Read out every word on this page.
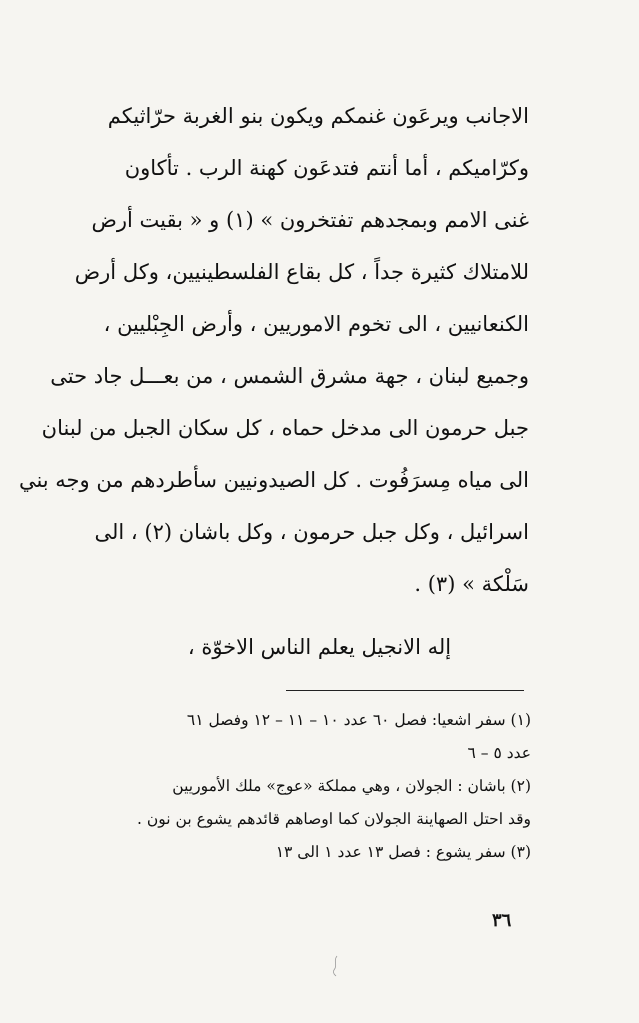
الاجانب ويرعَون غنمكم ويكون بنو الغربة حرّاثيكم
وكرّاميكم ، أما أنتم فتدعَون كهنة الرب . تأكاون
غنى الامم وبمجدهم تفتخرون » (١) و « بقيت أرض
للامتلاك كثيرة جداً ، كل بقاع الفلسطينيين، وكل أرض
الكنعانيين ، الى تخوم الاموريين ، وأرض الجِبْليين ،
وجميع لبنان ، جهة مشرق الشمس ، من بعـــل جاد حتى
جبل حرمون الى مدخل حماه ، كل سكان الجبل من لبنان
الى مياه مِسرَفُوت . كل الصيدونيين سأطردهم من وجه بني
اسرائيل ، وكل جبل حرمون ، وكل باشان (٢) ، الى
سَلْكة » (٣) .
إله الانجيل يعلم الناس الاخوّة ،
(١) سفر اشعيا: فصل ٦٠ عدد ١٠ – ١١ – ١٢ وفصل ٦١
عدد ٥ – ٦
(٢) باشان : الجولان ، وهي مملكة «عوج» ملك الأموريين
وقد احتل الصهاينة الجولان كما اوصاهم قائدهم يشوع بن نون .
(٣) سفر يشوع : فصل ١٣ عدد ١ الى ١٣
٣٦
